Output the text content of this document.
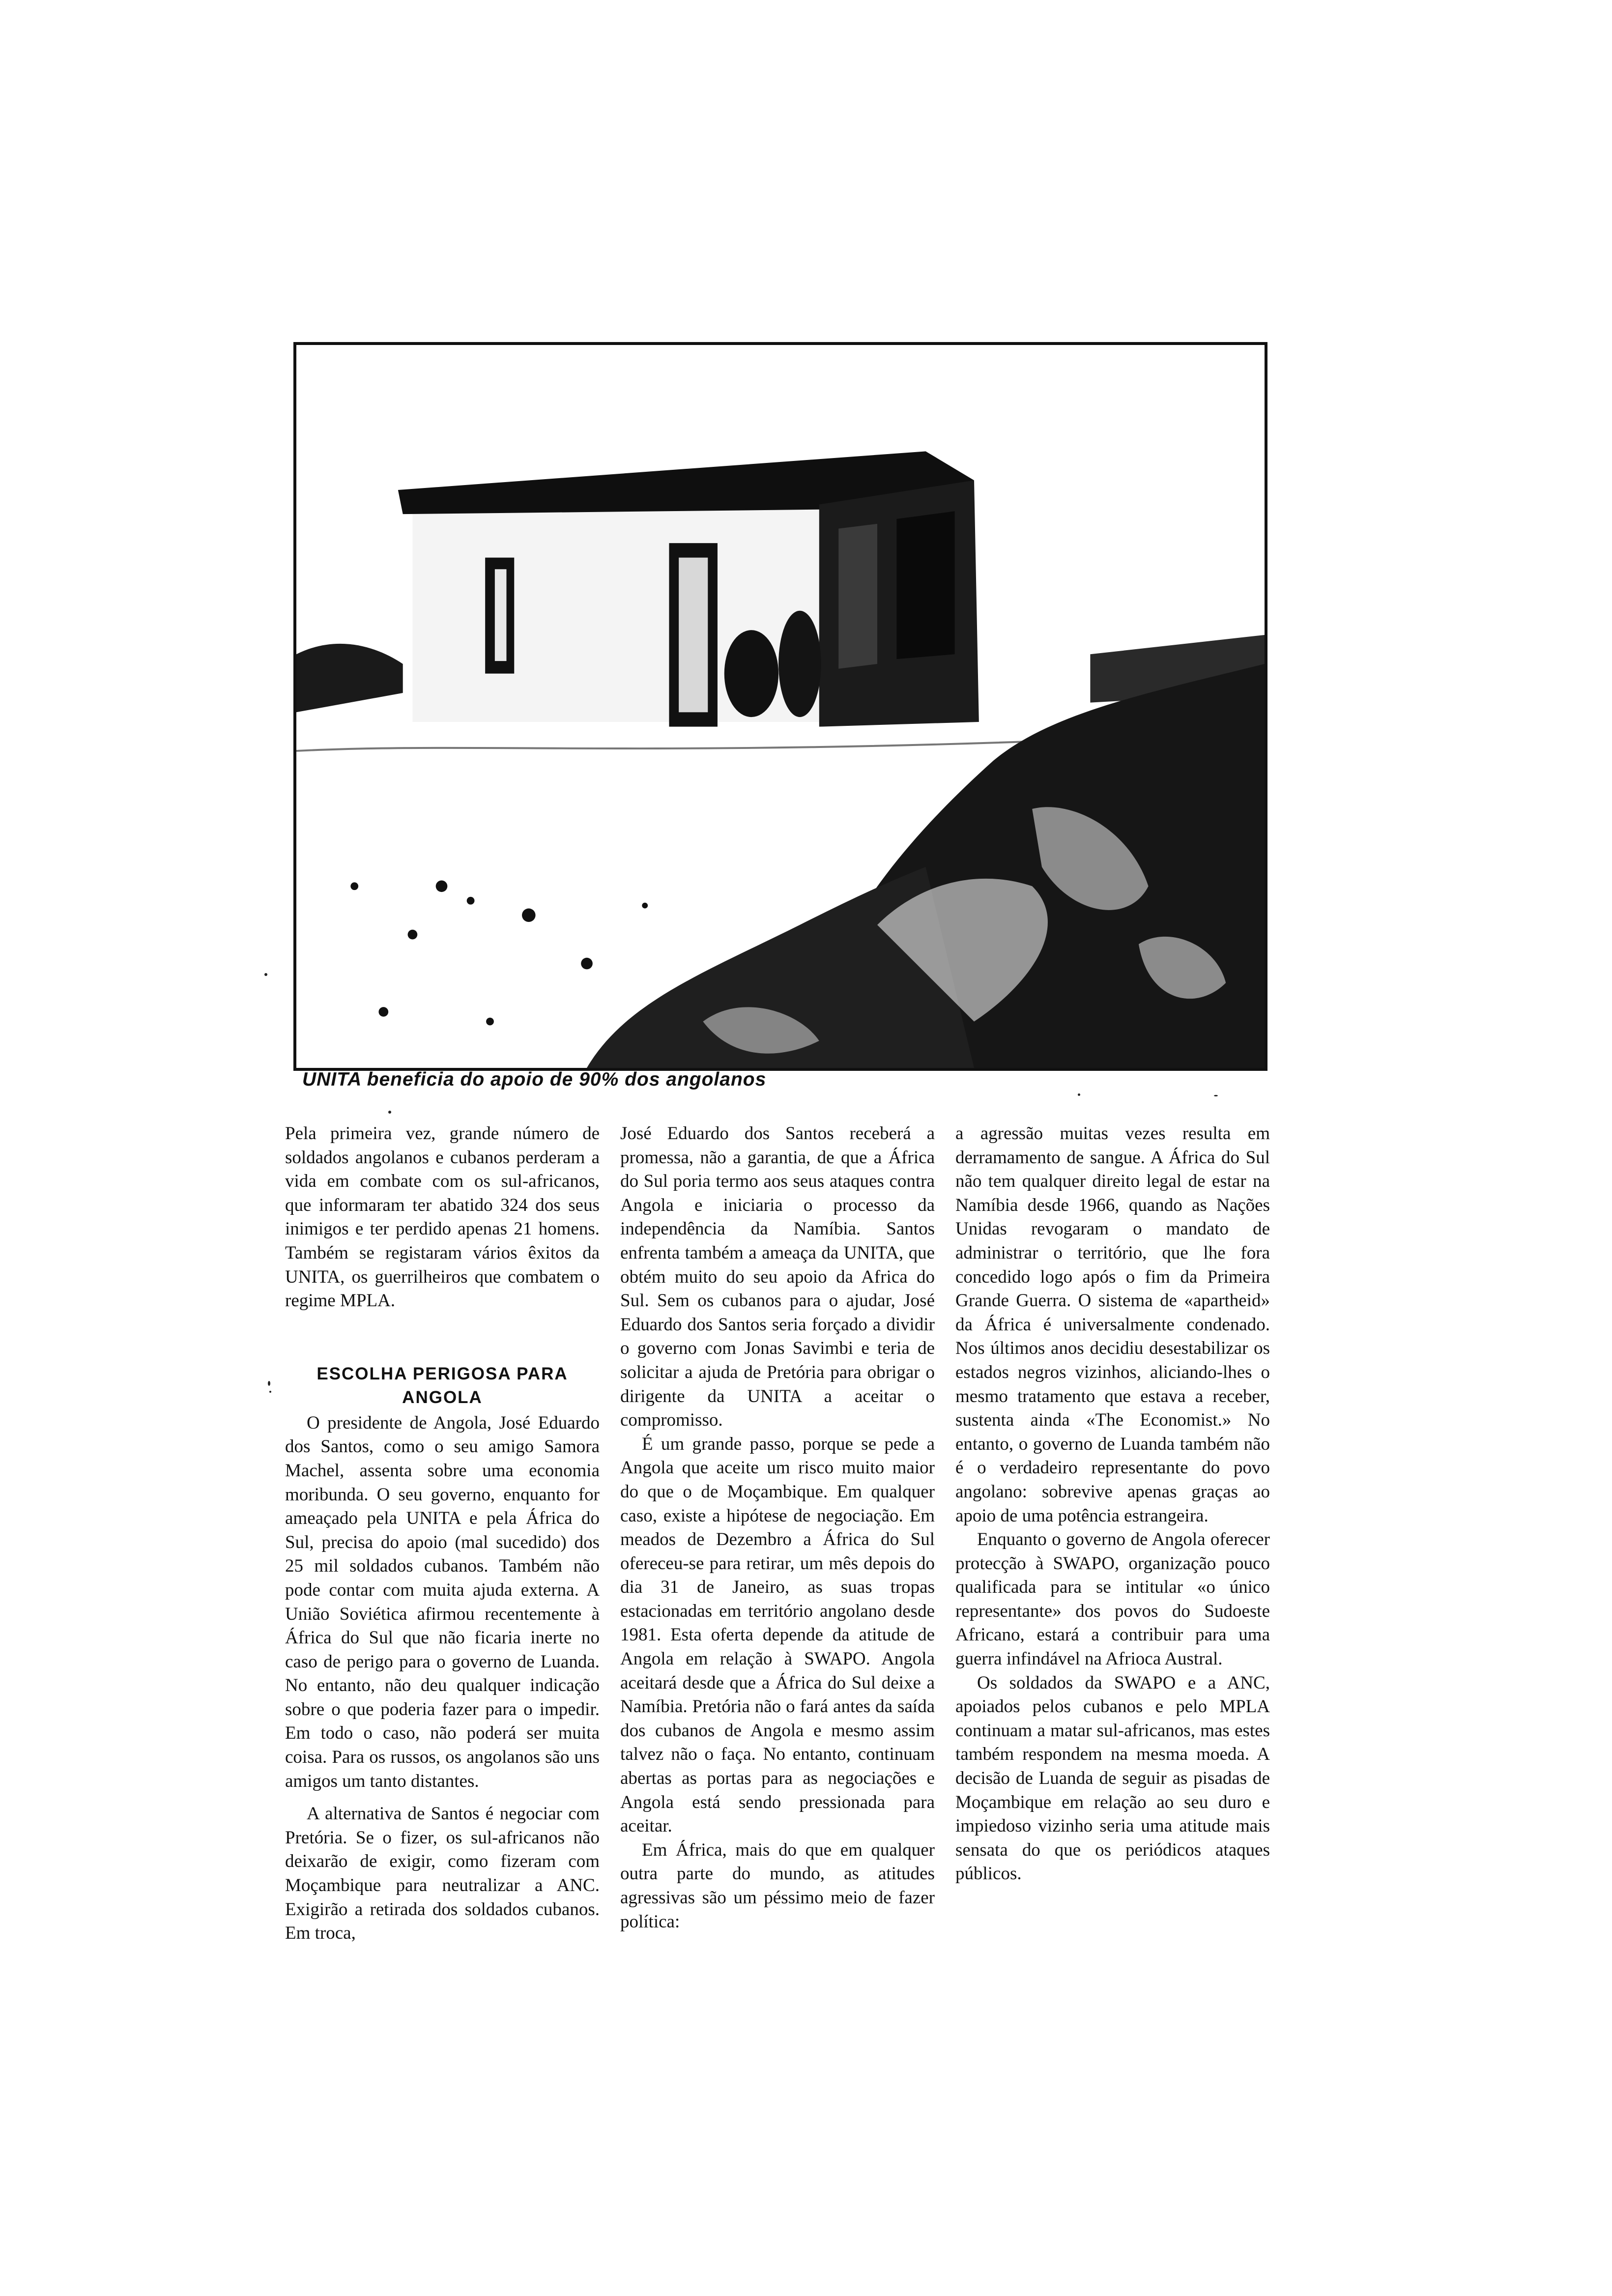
UNITA beneficia do apoio de 90% dos angolanos

Pela primeira vez, grande número de soldados angolanos e cubanos perderam a vida em combate com os sul-africanos, que informaram ter abatido 324 dos seus inimigos e ter perdido apenas 21 homens. Também se registaram vários êxitos da UNITA, os guerrilheiros que combatem o regime MPLA.

ESCOLHA PERIGOSA PARA ANGOLA

O presidente de Angola, José Eduardo dos Santos, como o seu amigo Samora Machel, assenta sobre uma economia moribunda. O seu governo, enquanto for ameaçado pela UNITA e pela África do Sul, precisa do apoio (mal sucedido) dos 25 mil soldados cubanos. Também não pode contar com muita ajuda externa. A União Soviética afirmou recentemente à África do Sul que não ficaria inerte no caso de perigo para o governo de Luanda. No entanto, não deu qualquer indicação sobre o que poderia fazer para o impedir. Em todo o caso, não poderá ser muita coisa. Para os russos, os angolanos são uns amigos um tanto distantes.

A alternativa de Santos é negociar com Pretória. Se o fizer, os sul-africanos não deixarão de exigir, como fizeram com Moçambique para neutralizar a ANC. Exigirão a retirada dos soldados cubanos. Em troca,

José Eduardo dos Santos receberá a promessa, não a garantia, de que a África do Sul poria termo aos seus ataques contra Angola e iniciaria o processo da independência da Namíbia. Santos enfrenta também a ameaça da UNITA, que obtém muito do seu apoio da Africa do Sul. Sem os cubanos para o ajudar, José Eduardo dos Santos seria forçado a dividir o governo com Jonas Savimbi e teria de solicitar a ajuda de Pretória para obrigar o dirigente da UNITA a aceitar o compromisso.

É um grande passo, porque se pede a Angola que aceite um risco muito maior do que o de Moçambique. Em qualquer caso, existe a hipótese de negociação. Em meados de Dezembro a África do Sul ofereceu-se para retirar, um mês depois do dia 31 de Janeiro, as suas tropas estacionadas em território angolano desde 1981. Esta oferta depende da atitude de Angola em relação à SWAPO. Angola aceitará desde que a África do Sul deixe a Namíbia. Pretória não o fará antes da saída dos cubanos de Angola e mesmo assim talvez não o faça. No entanto, continuam abertas as portas para as negociações e Angola está sendo pressionada para aceitar.

Em África, mais do que em qualquer outra parte do mundo, as atitudes agressivas são um péssimo meio de fazer política:

a agressão muitas vezes resulta em derramamento de sangue. A África do Sul não tem qualquer direito legal de estar na Namíbia desde 1966, quando as Nações Unidas revogaram o mandato de administrar o território, que lhe fora concedido logo após o fim da Primeira Grande Guerra. O sistema de «apartheid» da África é universalmente condenado. Nos últimos anos decidiu desestabilizar os estados negros vizinhos, aliciando-lhes o mesmo tratamento que estava a receber, sustenta ainda «The Economist.» No entanto, o governo de Luanda também não é o verdadeiro representante do povo angolano: sobrevive apenas graças ao apoio de uma potência estrangeira.

Enquanto o governo de Angola oferecer protecção à SWAPO, organização pouco qualificada para se intitular «o único representante» dos povos do Sudoeste Africano, estará a contribuir para uma guerra infindável na Afrioca Austral.

Os soldados da SWAPO e a ANC, apoiados pelos cubanos e pelo MPLA continuam a matar sul-africanos, mas estes também respondem na mesma moeda. A decisão de Luanda de seguir as pisadas de Moçambique em relação ao seu duro e impiedoso vizinho seria uma atitude mais sensata do que os periódicos ataques públicos.
